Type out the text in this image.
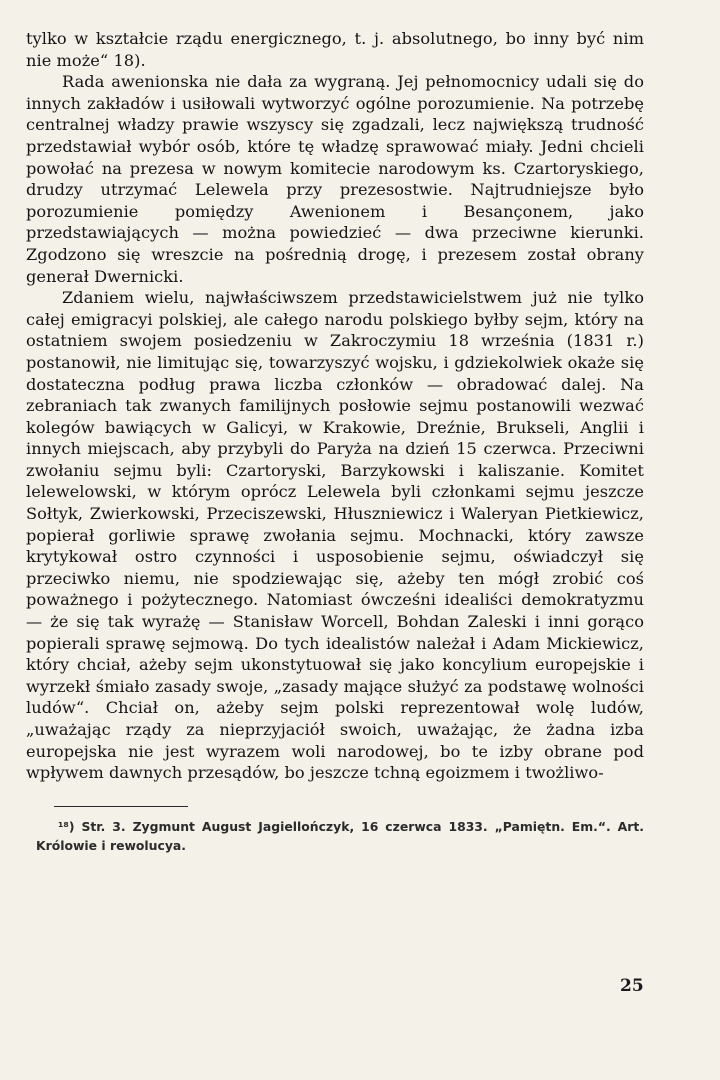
tylko w kształcie rządu energicznego, t. j. absolutnego, bo inny być nim nie może“ 18).

Rada awenionska nie dała za wygraną. Jej pełnomocnicy udali się do innych zakładów i usiłowali wytworzyć ogólne porozumienie. Na potrzebę centralnej władzy prawie wszyscy się zgadzali, lecz największą trudność przedstawiał wybór osób, które tę władzę sprawować miały. Jedni chcieli powołać na prezesa w nowym komitecie narodowym ks. Czartoryskiego, drudzy utrzymać Lelewela przy prezesostwie. Najtrudniejsze było porozumienie pomiędzy Awenionem i Besançonem, jako przedstawiających — można powiedzieć — dwa przeciwne kierunki. Zgodzono się wreszcie na pośrednią drogę, i prezesem został obrany generał Dwernicki.

Zdaniem wielu, najwłaściwszem przedstawicielstwem już nie tylko całej emigracyi polskiej, ale całego narodu polskiego byłby sejm, który na ostatniem swojem posiedzeniu w Zakroczymiu 18 września (1831 r.) postanowił, nie limitując się, towarzyszyć wojsku, i gdziekolwiek okaże się dostateczna podług prawa liczba członków — obradować dalej. Na zebraniach tak zwanych familijnych posłowie sejmu postanowili wezwać kolegów bawiących w Galicyi, w Krakowie, Dreźnie, Brukseli, Anglii i innych miejscach, aby przybyli do Paryża na dzień 15 czerwca. Przeciwni zwołaniu sejmu byli: Czartoryski, Barzykowski i kaliszanie. Komitet lelewelowski, w którym oprócz Lelewela byli członkami sejmu jeszcze Sołtyk, Zwierkowski, Przeciszewski, Hłuszniewicz i Waleryan Pietkiewicz, popierał gorliwie sprawę zwołania sejmu. Mochnacki, który zawsze krytykował ostro czynności i usposobienie sejmu, oświadczył się przeciwko niemu, nie spodziewając się, ażeby ten mógł zrobić coś poważnego i pożytecznego. Natomiast ówcześni idealiści demokratyzmu — że się tak wyrażę — Stanisław Worcell, Bohdan Zaleski i inni gorąco popierali sprawę sejmową. Do tych idealistów należał i Adam Mickiewicz, który chciał, ażeby sejm ukonstytuował się jako koncylium europejskie i wyrzekł śmiało zasady swoje, „zasady mające służyć za podstawę wolności ludów“. Chciał on, ażeby sejm polski reprezentował wolę ludów, „uważając rządy za nieprzyjaciół swoich, uważając, że żadna izba europejska nie jest wyrazem woli narodowej, bo te izby obrane pod wpływem dawnych przesądów, bo jeszcze tchną egoizmem i twożliwo-

¹⁸) Str. 3. Zygmunt August Jagiellończyk, 16 czerwca 1833. „Pamiętn. Em.“. Art. Królowie i rewolucya.

25
